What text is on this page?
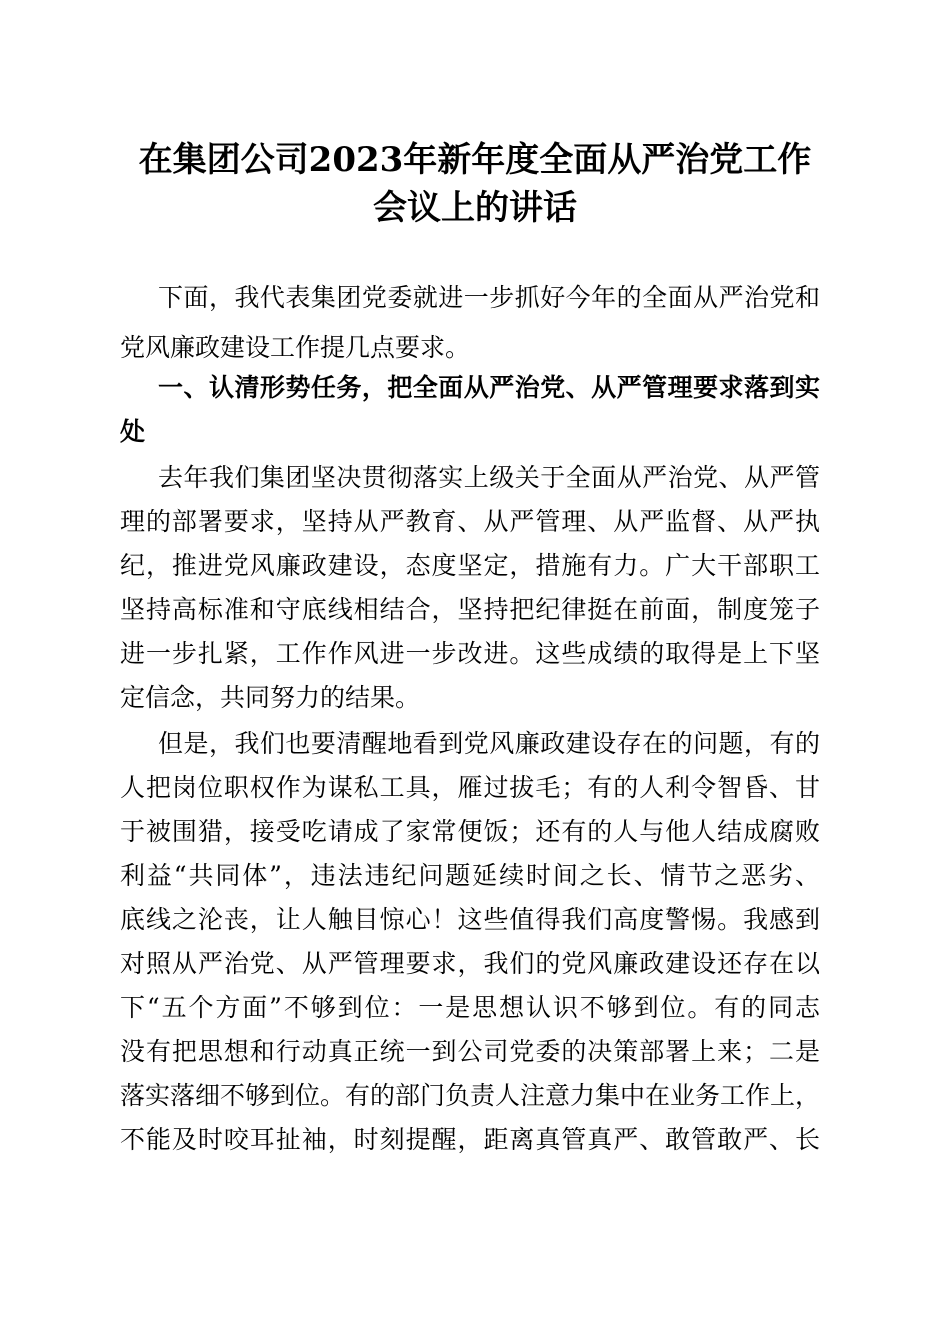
在集团公司2023年新年度全面从严治党工作
会议上的讲话
下面，我代表集团党委就进一步抓好今年的全面从严治党和
党风廉政建设工作提几点要求。
一、认清形势任务，把全面从严治党、从严管理要求落到实
处
去年我们集团坚决贯彻落实上级关于全面从严治党、从严管
理的部署要求，坚持从严教育、从严管理、从严监督、从严执
纪，推进党风廉政建设，态度坚定，措施有力。广大干部职工
坚持高标准和守底线相结合，坚持把纪律挺在前面，制度笼子
进一步扎紧，工作作风进一步改进。这些成绩的取得是上下坚
定信念，共同努力的结果。
但是，我们也要清醒地看到党风廉政建设存在的问题，有的
人把岗位职权作为谋私工具，雁过拔毛；有的人利令智昏、甘
于被围猎，接受吃请成了家常便饭；还有的人与他人结成腐败
利益“共同体”，违法违纪问题延续时间之长、情节之恶劣、
底线之沦丧，让人触目惊心！这些值得我们高度警惕。我感到
对照从严治党、从严管理要求，我们的党风廉政建设还存在以
下“五个方面”不够到位：一是思想认识不够到位。有的同志
没有把思想和行动真正统一到公司党委的决策部署上来；二是
落实落细不够到位。有的部门负责人注意力集中在业务工作上，
不能及时咬耳扯袖，时刻提醒，距离真管真严、敢管敢严、长
